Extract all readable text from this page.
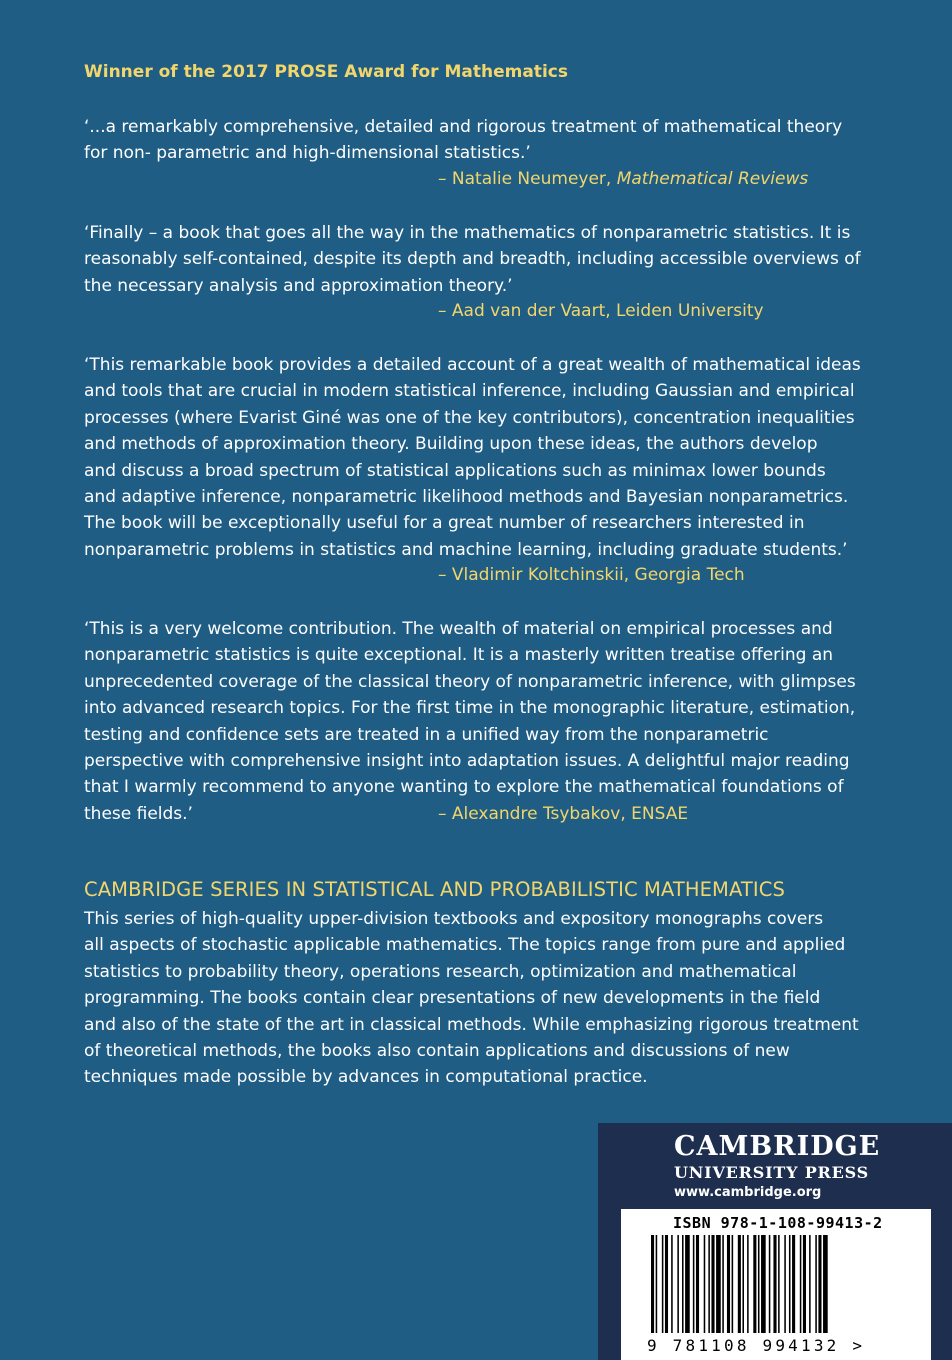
Winner of the 2017 PROSE Award for Mathematics

‘...a remarkably comprehensive, detailed and rigorous treatment of mathematical theory

for non- parametric and high-dimensional statistics.’

– Natalie Neumeyer, Mathematical Reviews

‘Finally – a book that goes all the way in the mathematics of nonparametric statistics. It is

reasonably self-contained, despite its depth and breadth, including accessible overviews of

the necessary analysis and approximation theory.’

– Aad van der Vaart, Leiden University

‘This remarkable book provides a detailed account of a great wealth of mathematical ideas

and tools that are crucial in modern statistical inference, including Gaussian and empirical

processes (where Evarist Giné was one of the key contributors), concentration inequalities

and methods of approximation theory. Building upon these ideas, the authors develop

and discuss a broad spectrum of statistical applications such as minimax lower bounds

and adaptive inference, nonparametric likelihood methods and Bayesian nonparametrics.

The book will be exceptionally useful for a great number of researchers interested in

nonparametric problems in statistics and machine learning, including graduate students.’

– Vladimir Koltchinskii, Georgia Tech

‘This is a very welcome contribution. The wealth of material on empirical processes and

nonparametric statistics is quite exceptional. It is a masterly written treatise offering an

unprecedented coverage of the classical theory of nonparametric inference, with glimpses

into advanced research topics. For the first time in the monographic literature, estimation,

testing and confidence sets are treated in a unified way from the nonparametric

perspective with comprehensive insight into adaptation issues. A delightful major reading

that I warmly recommend to anyone wanting to explore the mathematical foundations of

these fields.’	– Alexandre Tsybakov, ENSAE

CAMBRIDGE SERIES IN STATISTICAL AND PROBABILISTIC MATHEMATICS
This series of high-quality upper-division textbooks and expository monographs covers
all aspects of stochastic applicable mathematics. The topics range from pure and applied
statistics to probability theory, operations research, optimization and mathematical
programming. The books contain clear presentations of new developments in the field
and also of the state of the art in classical methods. While emphasizing rigorous treatment
of theoretical methods, the books also contain applications and discussions of new
techniques made possible by advances in computational practice.
CAMBRIDGE
UNIVERSITY PRESS
www.cambridge.org
ISBN 978-1-108-99413-2
9 781108 994132 >
